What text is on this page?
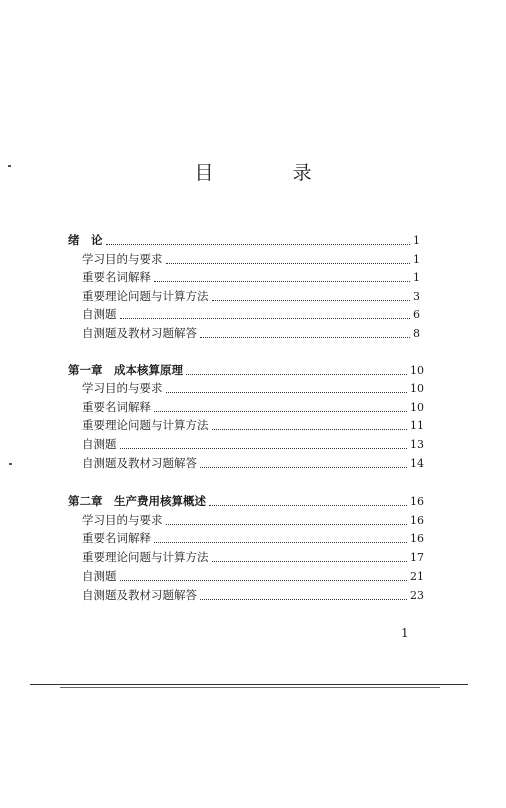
目　录
绪　论	1
学习目的与要求	1
重要名词解释	1
重要理论问题与计算方法	3
自测题	6
自测题及教材习题解答	8
第一章　成本核算原理	10
学习目的与要求	10
重要名词解释	10
重要理论问题与计算方法	11
自测题	13
自测题及教材习题解答	14
第二章　生产费用核算概述	16
学习目的与要求	16
重要名词解释	16
重要理论问题与计算方法	17
自测题	21
自测题及教材习题解答	23
1
